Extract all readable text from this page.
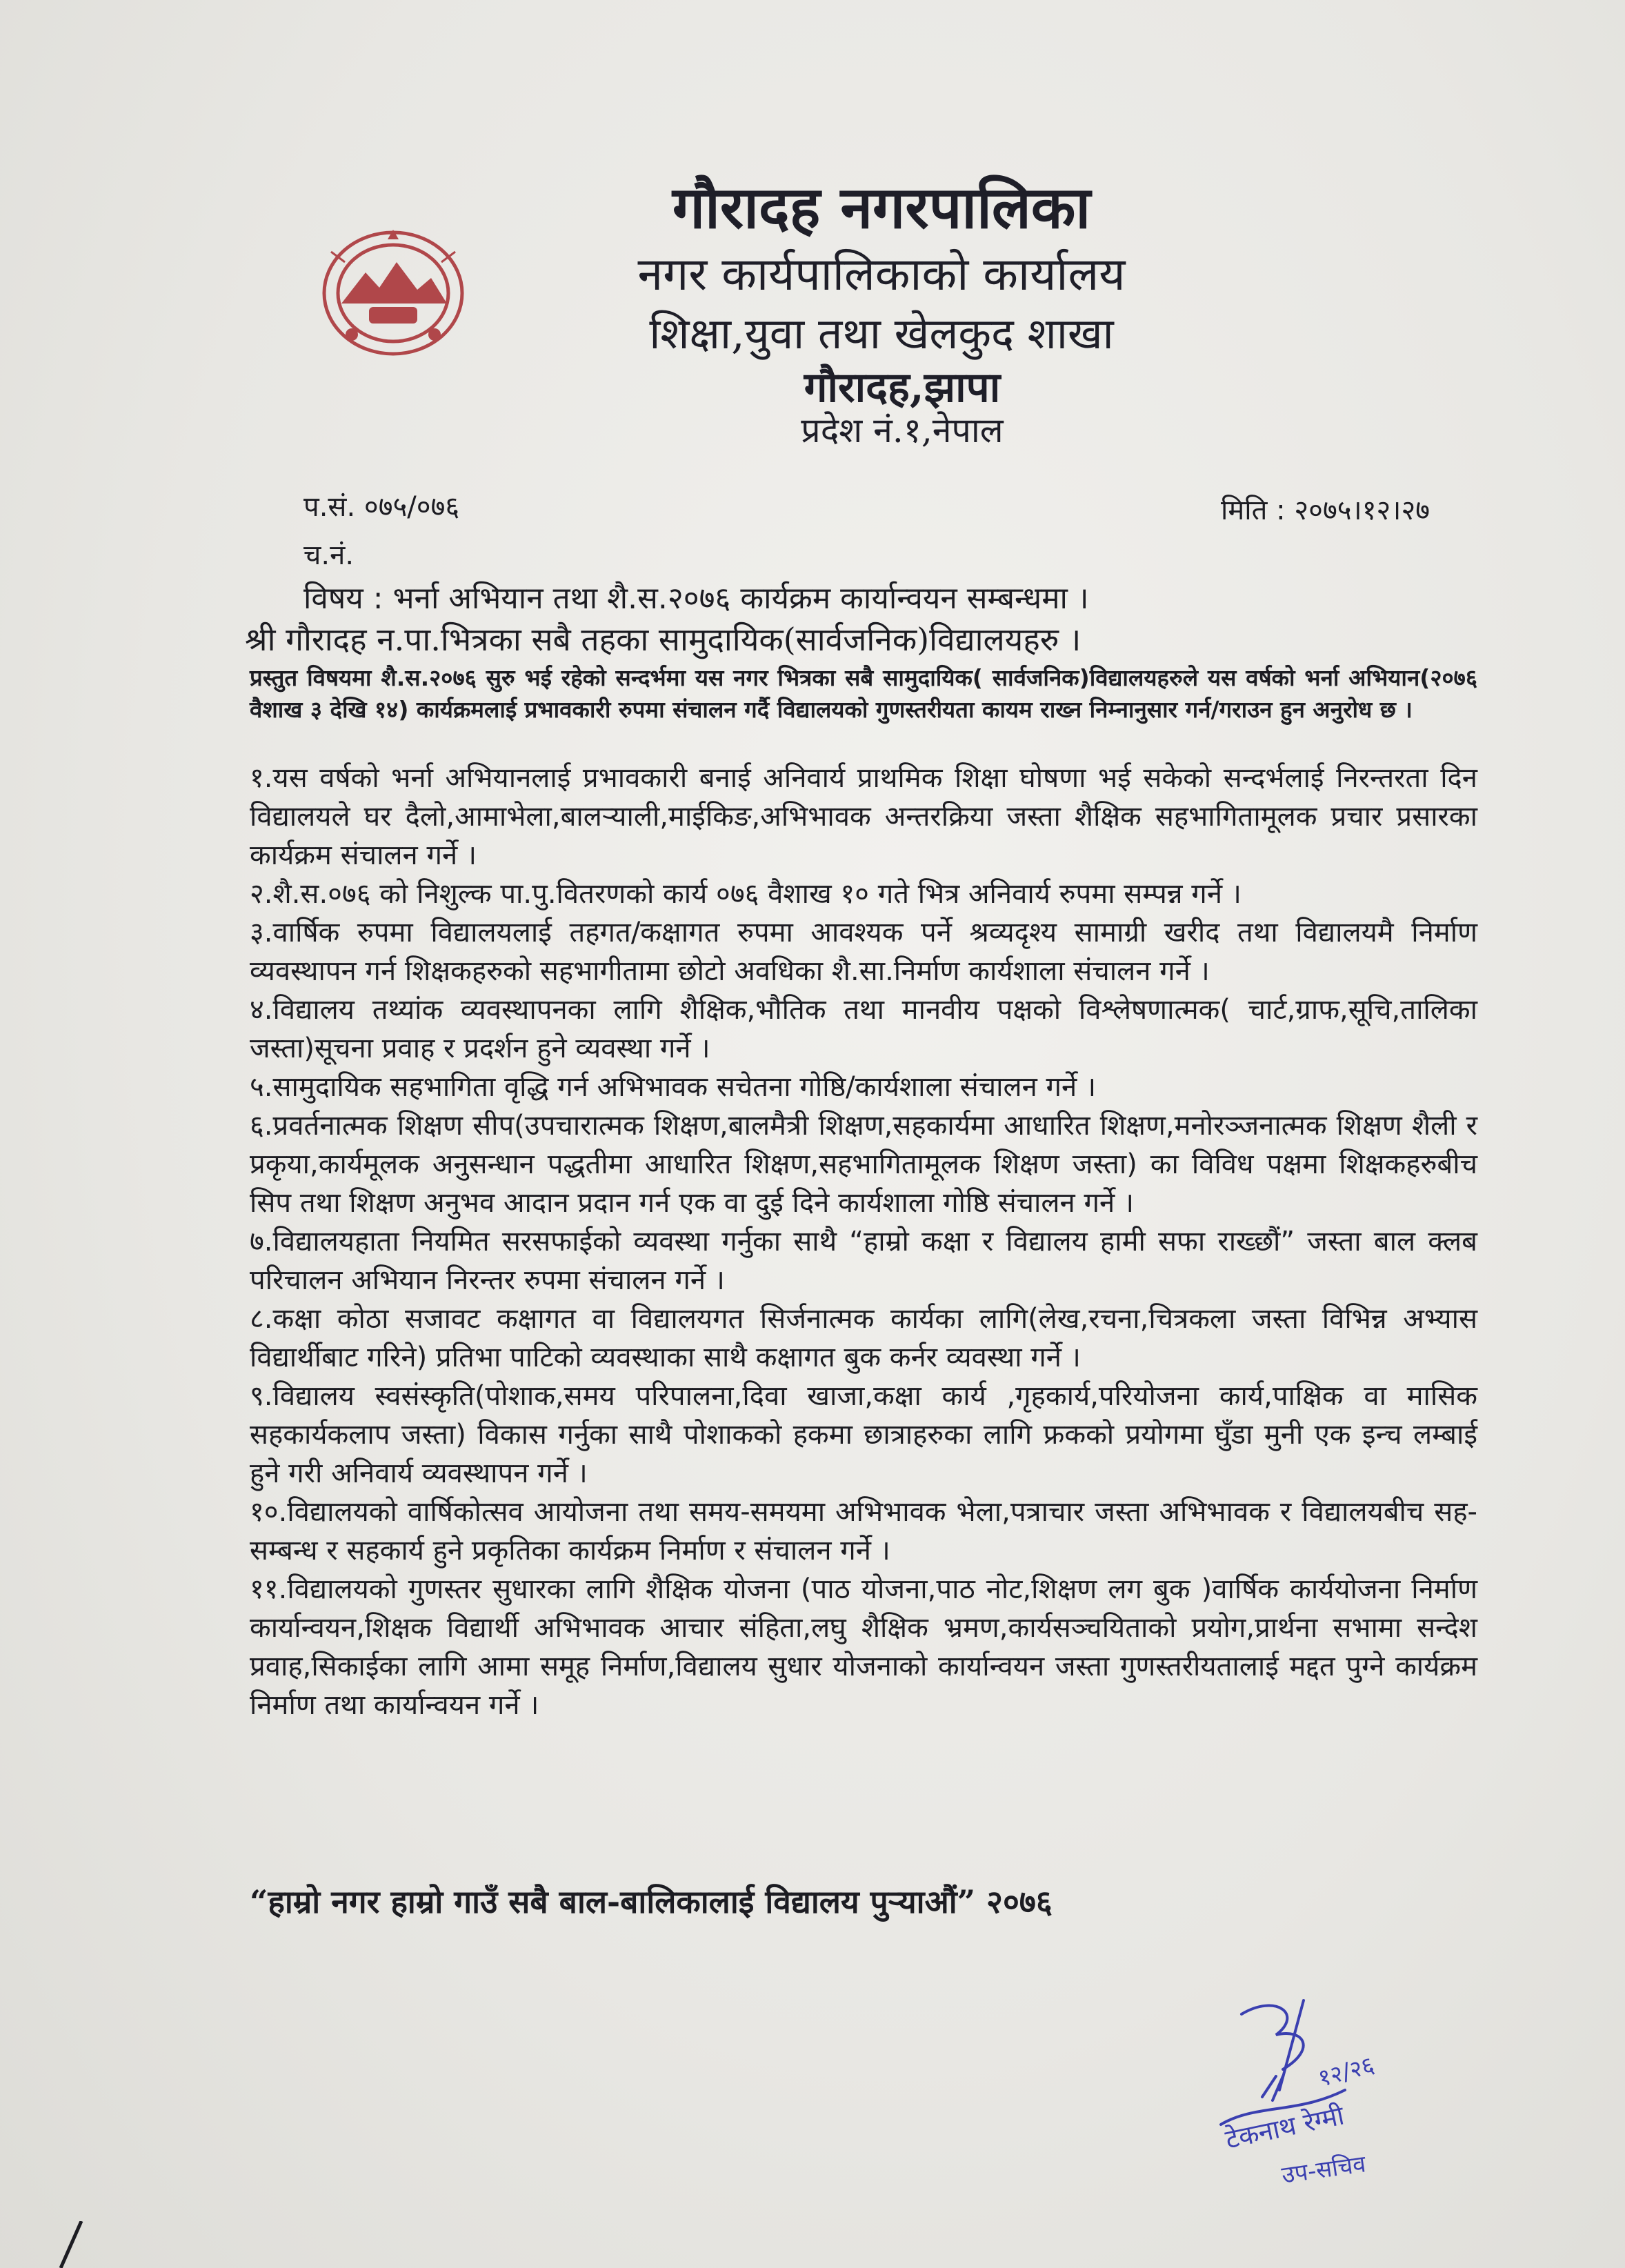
गौरादह नगरपालिका
नगर कार्यपालिकाको कार्यालय
शिक्षा,युवा तथा खेलकुद शाखा
गौरादह,झापा
प्रदेश नं.१,नेपाल
प.सं. ०७५/०७६	मिति : २०७५।१२।२७
च.नं.
विषय : भर्ना अभियान तथा शै.स.२०७६ कार्यक्रम कार्यान्वयन सम्बन्धमा ।
श्री गौरादह न.पा.भित्रका सबै तहका सामुदायिक(सार्वजनिक)विद्यालयहरु ।
प्रस्तुत विषयमा शै.स.२०७६ सुरु भई रहेको सन्दर्भमा यस नगर भित्रका सबै सामुदायिक( सार्वजनिक)विद्यालयहरुले यस वर्षको भर्ना अभियान(२०७६ वैशाख ३ देखि १४) कार्यक्रमलाई प्रभावकारी रुपमा संचालन गर्दै विद्यालयको गुणस्तरीयता कायम राख्न निम्नानुसार गर्न/गराउन हुन अनुरोध छ ।

१.यस वर्षको भर्ना अभियानलाई प्रभावकारी बनाई अनिवार्य प्राथमिक शिक्षा घोषणा भई सकेको सन्दर्भलाई निरन्तरता दिन विद्यालयले घर दैलो,आमाभेला,बालर्‍याली,माईकिङ,अभिभावक अन्तरक्रिया जस्ता शैक्षिक सहभागितामूलक प्रचार प्रसारका कार्यक्रम संचालन गर्ने ।

२.शै.स.०७६ को निशुल्क पा.पु.वितरणको कार्य ०७६ वैशाख १० गते भित्र अनिवार्य रुपमा सम्पन्न गर्ने ।

३.वार्षिक रुपमा विद्यालयलाई तहगत/कक्षागत रुपमा आवश्यक पर्ने श्रव्यदृश्य सामाग्री खरीद तथा विद्यालयमै निर्माण व्यवस्थापन गर्न शिक्षकहरुको सहभागीतामा छोटो अवधिका शै.सा.निर्माण कार्यशाला संचालन गर्ने ।

४.विद्यालय तथ्यांक व्यवस्थापनका लागि शैक्षिक,भौतिक तथा मानवीय पक्षको विश्लेषणात्मक( चार्ट,ग्राफ,सूचि,तालिका जस्ता)सूचना प्रवाह र प्रदर्शन हुने व्यवस्था गर्ने ।

५.सामुदायिक सहभागिता वृद्धि गर्न अभिभावक सचेतना गोष्ठि/कार्यशाला संचालन गर्ने ।

६.प्रवर्तनात्मक शिक्षण सीप(उपचारात्मक शिक्षण,बालमैत्री शिक्षण,सहकार्यमा आधारित शिक्षण,मनोरञ्जनात्मक शिक्षण शैली र प्रकृया,कार्यमूलक अनुसन्धान पद्धतीमा आधारित शिक्षण,सहभागितामूलक शिक्षण जस्ता) का विविध पक्षमा शिक्षकहरुबीच सिप तथा शिक्षण अनुभव आदान प्रदान गर्न एक वा दुई दिने कार्यशाला गोष्ठि संचालन गर्ने ।

७.विद्यालयहाता नियमित सरसफाईको व्यवस्था गर्नुका साथै “हाम्रो कक्षा र विद्यालय हामी सफा राख्छौं” जस्ता बाल क्लब परिचालन अभियान निरन्तर रुपमा संचालन गर्ने ।

८.कक्षा कोठा सजावट कक्षागत वा विद्यालयगत सिर्जनात्मक कार्यका लागि(लेख,रचना,चित्रकला जस्ता विभिन्न अभ्यास विद्यार्थीबाट गरिने) प्रतिभा पाटिको व्यवस्थाका साथै कक्षागत बुक कर्नर व्यवस्था गर्ने ।

९.विद्यालय स्वसंस्कृति(पोशाक,समय परिपालना,दिवा खाजा,कक्षा कार्य ,गृहकार्य,परियोजना कार्य,पाक्षिक वा मासिक सहकार्यकलाप जस्ता) विकास गर्नुका साथै पोशाकको हकमा छात्राहरुका लागि फ्रकको प्रयोगमा घुँडा मुनी एक इन्च लम्बाई हुने गरी अनिवार्य व्यवस्थापन गर्ने ।

१०.विद्यालयको वार्षिकोत्सव आयोजना तथा समय-समयमा अभिभावक भेला,पत्राचार जस्ता अभिभावक र विद्यालयबीच सह-सम्बन्ध र सहकार्य हुने प्रकृतिका कार्यक्रम निर्माण र संचालन गर्ने ।

११.विद्यालयको गुणस्तर सुधारका लागि शैक्षिक योजना (पाठ योजना,पाठ नोट,शिक्षण लग बुक )वार्षिक कार्ययोजना निर्माण कार्यान्वयन,शिक्षक विद्यार्थी अभिभावक आचार संहिता,लघु शैक्षिक भ्रमण,कार्यसञ्चयिताको प्रयोग,प्रार्थना सभामा सन्देश प्रवाह,सिकाईका लागि आमा समूह निर्माण,विद्यालय सुधार योजनाको कार्यान्वयन जस्ता गुणस्तरीयतालाई मद्दत पुग्ने कार्यक्रम निर्माण तथा कार्यान्वयन गर्ने ।

“हाम्रो नगर हाम्रो गाउँ सबै बाल-बालिकालाई विद्यालय पुर्‍याऔं” २०७६
टेकनाथ रेग्मी
उप-सचिव
१२/२६
